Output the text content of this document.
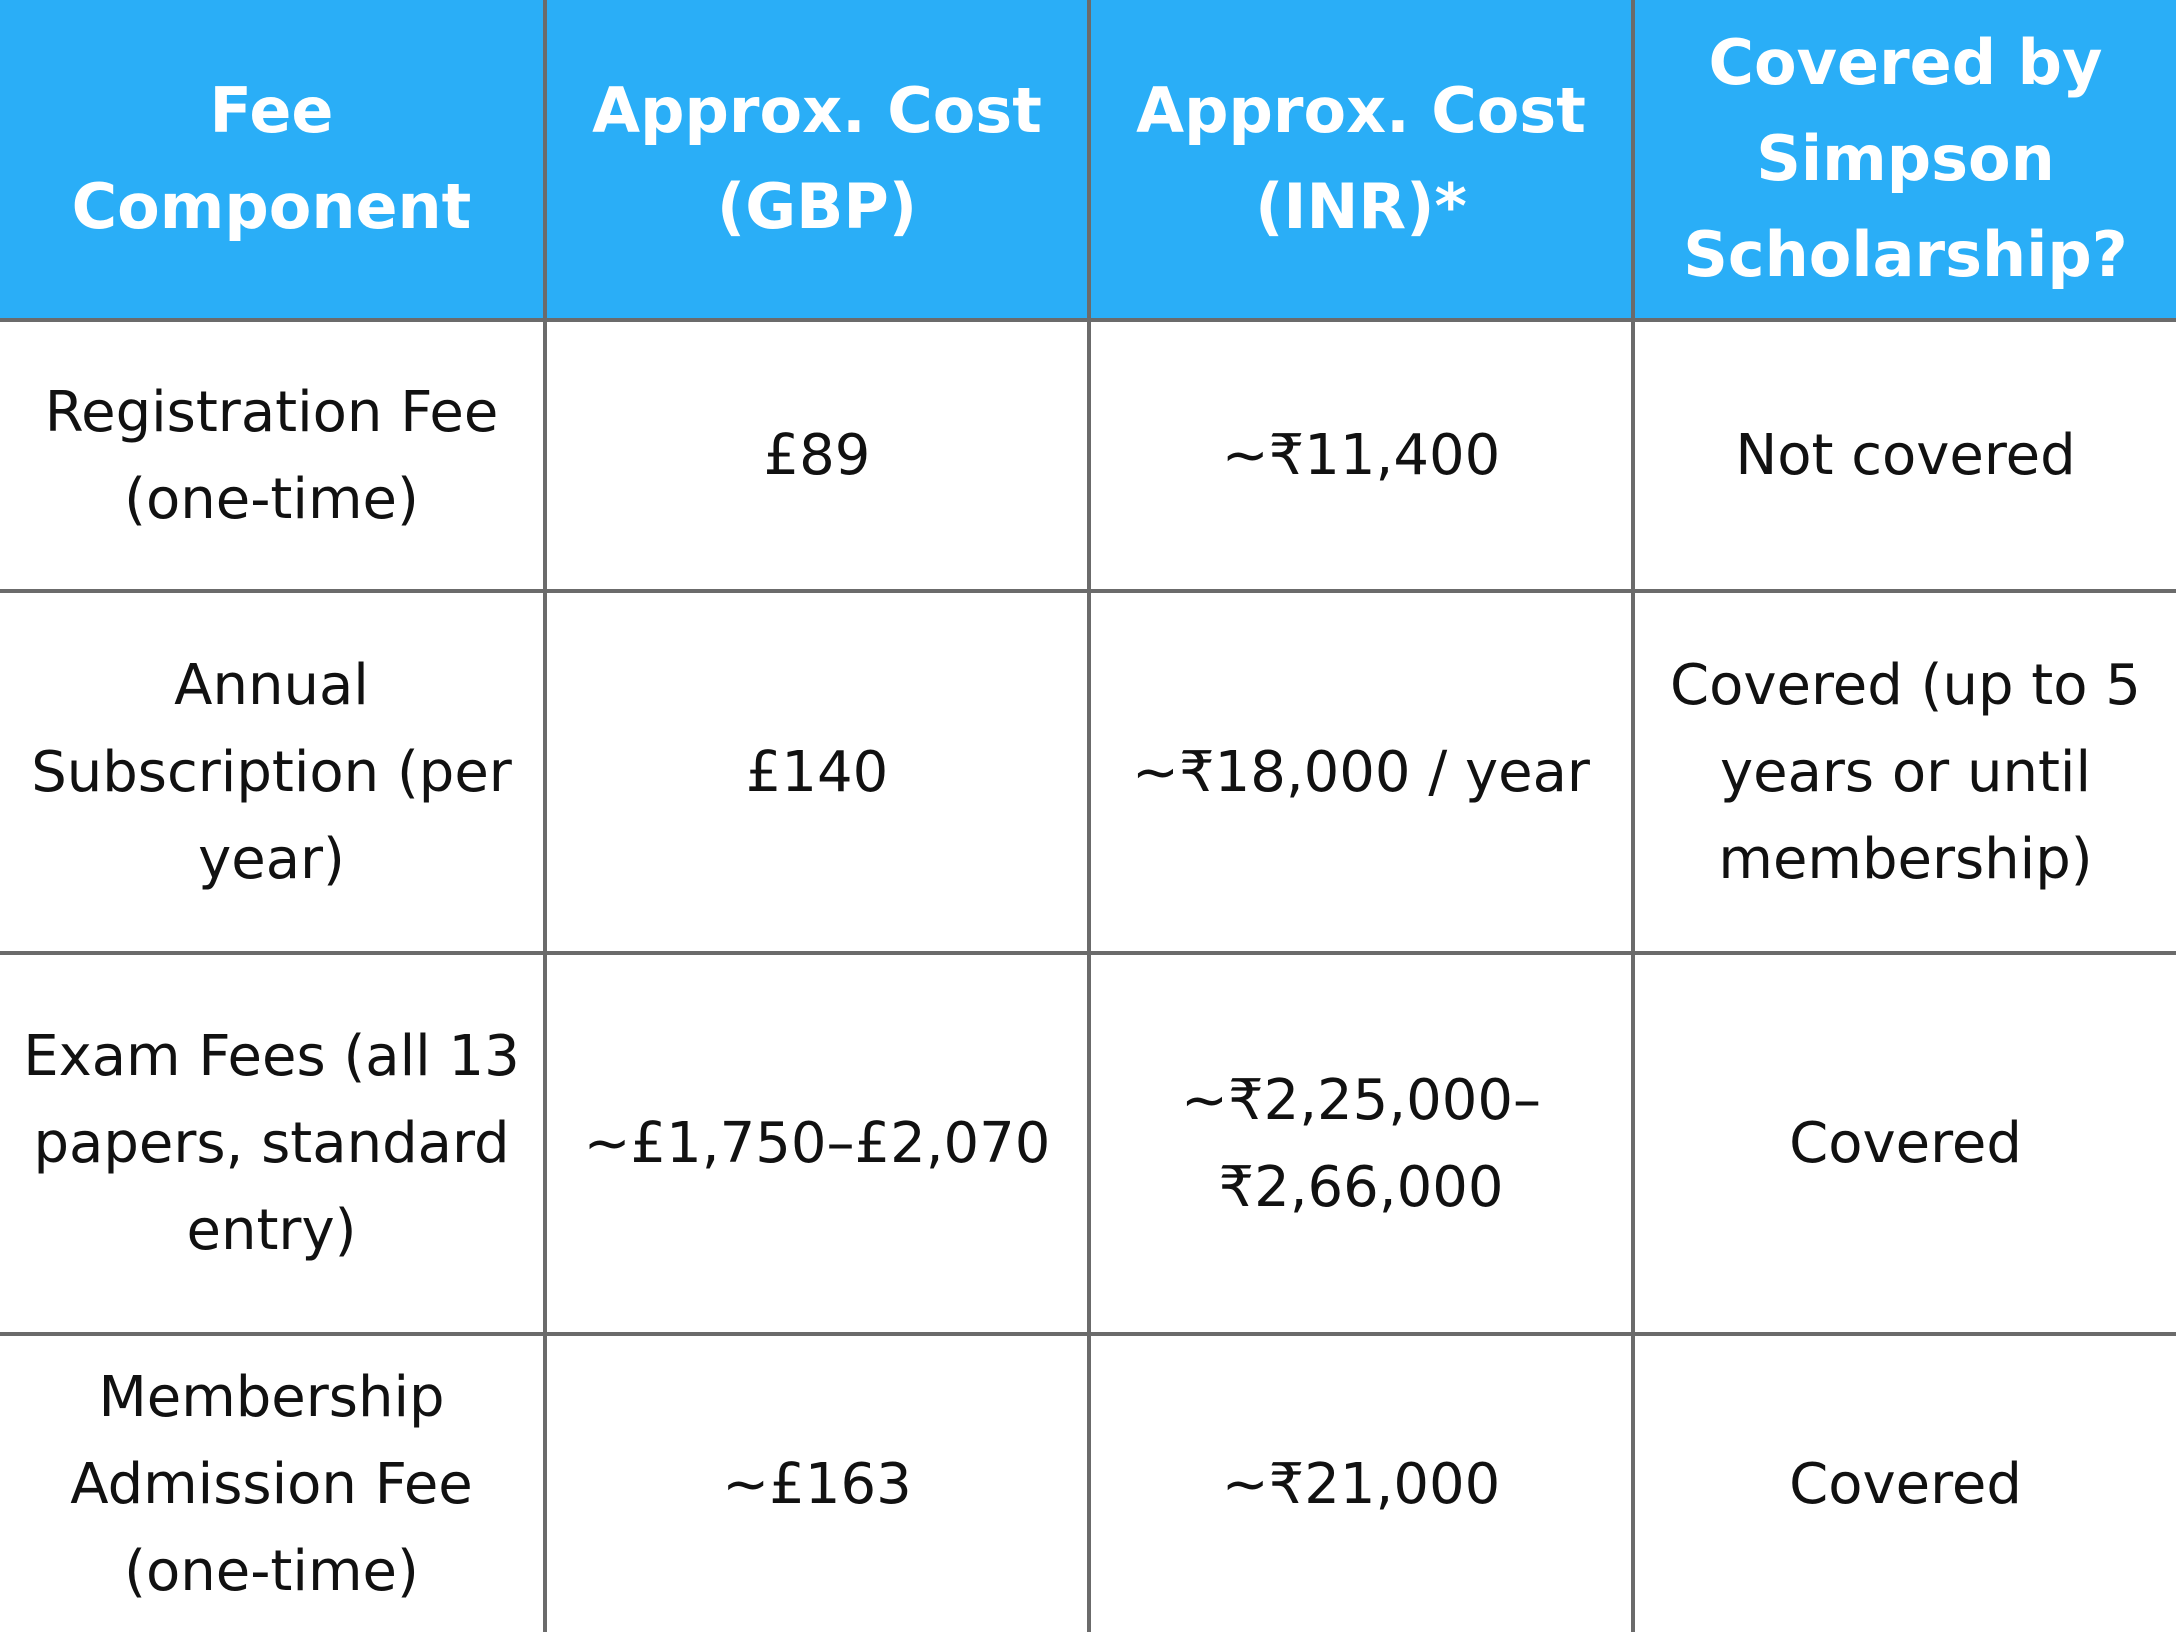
Fee Component	Approx. Cost (GBP)	Approx. Cost (INR)*	Covered by Simpson Scholarship?

Registration Fee (one-time)	£89	~₹11,400	Not covered

Annual Subscription (per year)	£140	~₹18,000 / year	Covered (up to 5 years or until membership)

Exam Fees (all 13 papers, standard entry)	~£1,750–£2,070	~₹2,25,000–₹2,66,000	Covered

Membership Admission Fee (one-time)	~£163	~₹21,000	Covered
